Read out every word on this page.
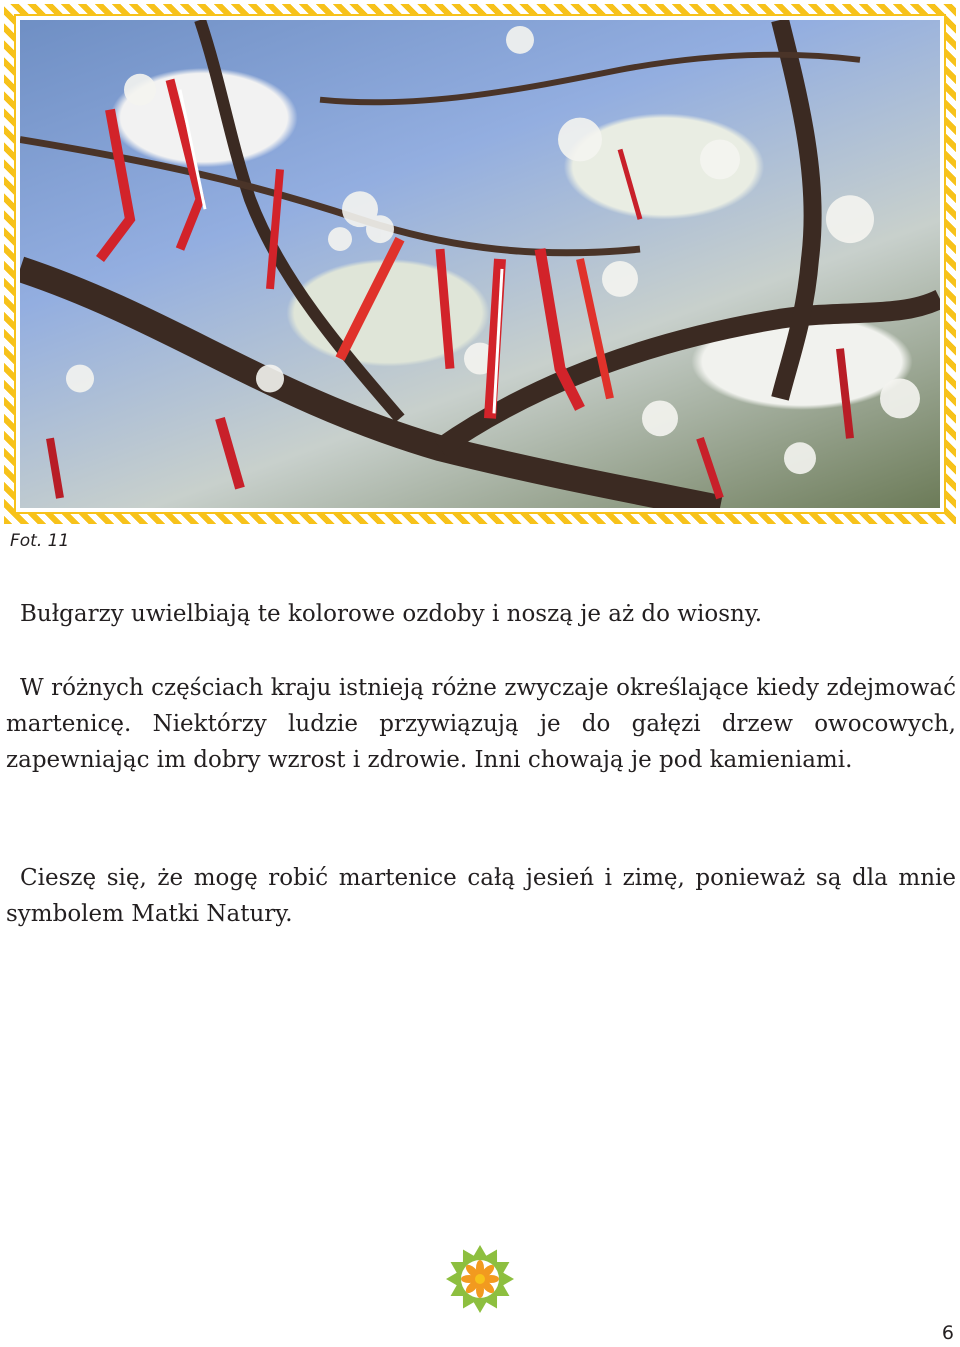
Fot. 11

Bułgarzy uwielbiają te kolorowe ozdoby i noszą je aż do wiosny.

W różnych częściach kraju istnieją różne zwyczaje określające kiedy zdejmować martenicę. Niektórzy ludzie przywiązują je do gałęzi drzew owocowych, zapewniając im dobry wzrost i zdrowie. Inni chowają je pod kamieniami.

Cieszę się, że mogę robić martenice całą jesień i zimę, ponieważ są dla mnie symbolem Matki Natury.

6
